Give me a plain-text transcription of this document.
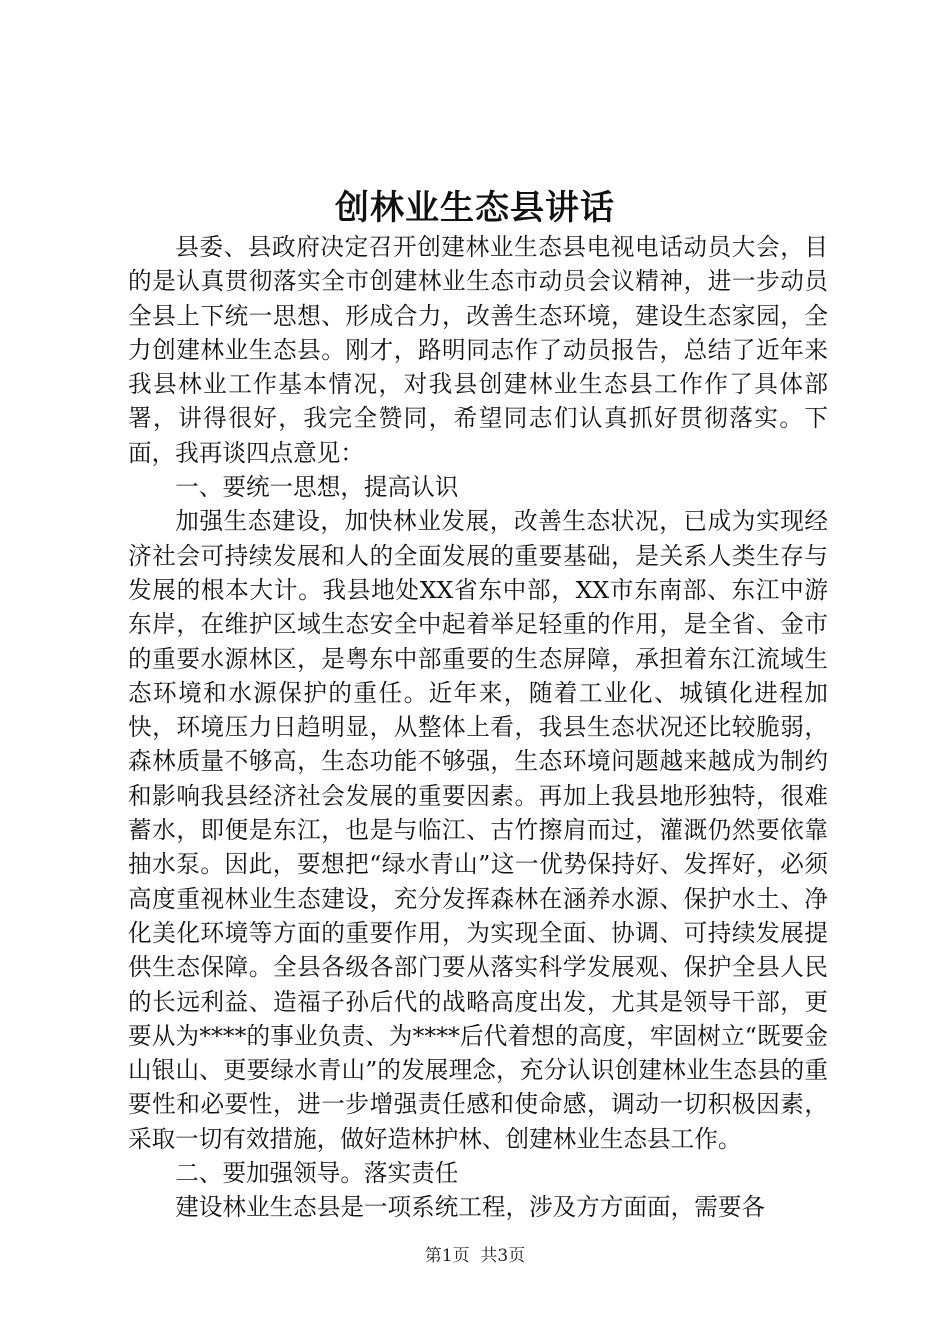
创林业生态县讲话

县委、县政府决定召开创建林业生态县电视电话动员大会，目的是认真贯彻落实全市创建林业生态市动员会议精神，进一步动员全县上下统一思想、形成合力，改善生态环境，建设生态家园，全力创建林业生态县。刚才，路明同志作了动员报告，总结了近年来我县林业工作基本情况，对我县创建林业生态县工作作了具体部署，讲得很好，我完全赞同，希望同志们认真抓好贯彻落实。下面，我再谈四点意见：

一、要统一思想，提高认识

加强生态建设，加快林业发展，改善生态状况，已成为实现经济社会可持续发展和人的全面发展的重要基础，是关系人类生存与发展的根本大计。我县地处XX省东中部，XX市东南部、东江中游东岸，在维护区域生态安全中起着举足轻重的作用，是全省、金市的重要水源林区，是粤东中部重要的生态屏障，承担着东江流域生态环境和水源保护的重任。近年来，随着工业化、城镇化进程加快，环境压力日趋明显，从整体上看，我县生态状况还比较脆弱，森林质量不够高，生态功能不够强，生态环境问题越来越成为制约和影响我县经济社会发展的重要因素。再加上我县地形独特，很难蓄水，即便是东江，也是与临江、古竹擦肩而过，灌溉仍然要依靠抽水泵。因此，要想把“绿水青山”这一优势保持好、发挥好，必须高度重视林业生态建设，充分发挥森林在涵养水源、保护水土、净化美化环境等方面的重要作用，为实现全面、协调、可持续发展提供生态保障。全县各级各部门要从落实科学发展观、保护全县人民的长远利益、造福子孙后代的战略高度出发，尤其是领导干部，更要从为****的事业负责、为****后代着想的高度，牢固树立“既要金山银山、更要绿水青山”的发展理念，充分认识创建林业生态县的重要性和必要性，进一步增强责任感和使命感，调动一切积极因素，采取一切有效措施，做好造林护林、创建林业生态县工作。

二、要加强领导。落实责任

建设林业生态县是一项系统工程，涉及方方面面，需要各

第1页 共3页
